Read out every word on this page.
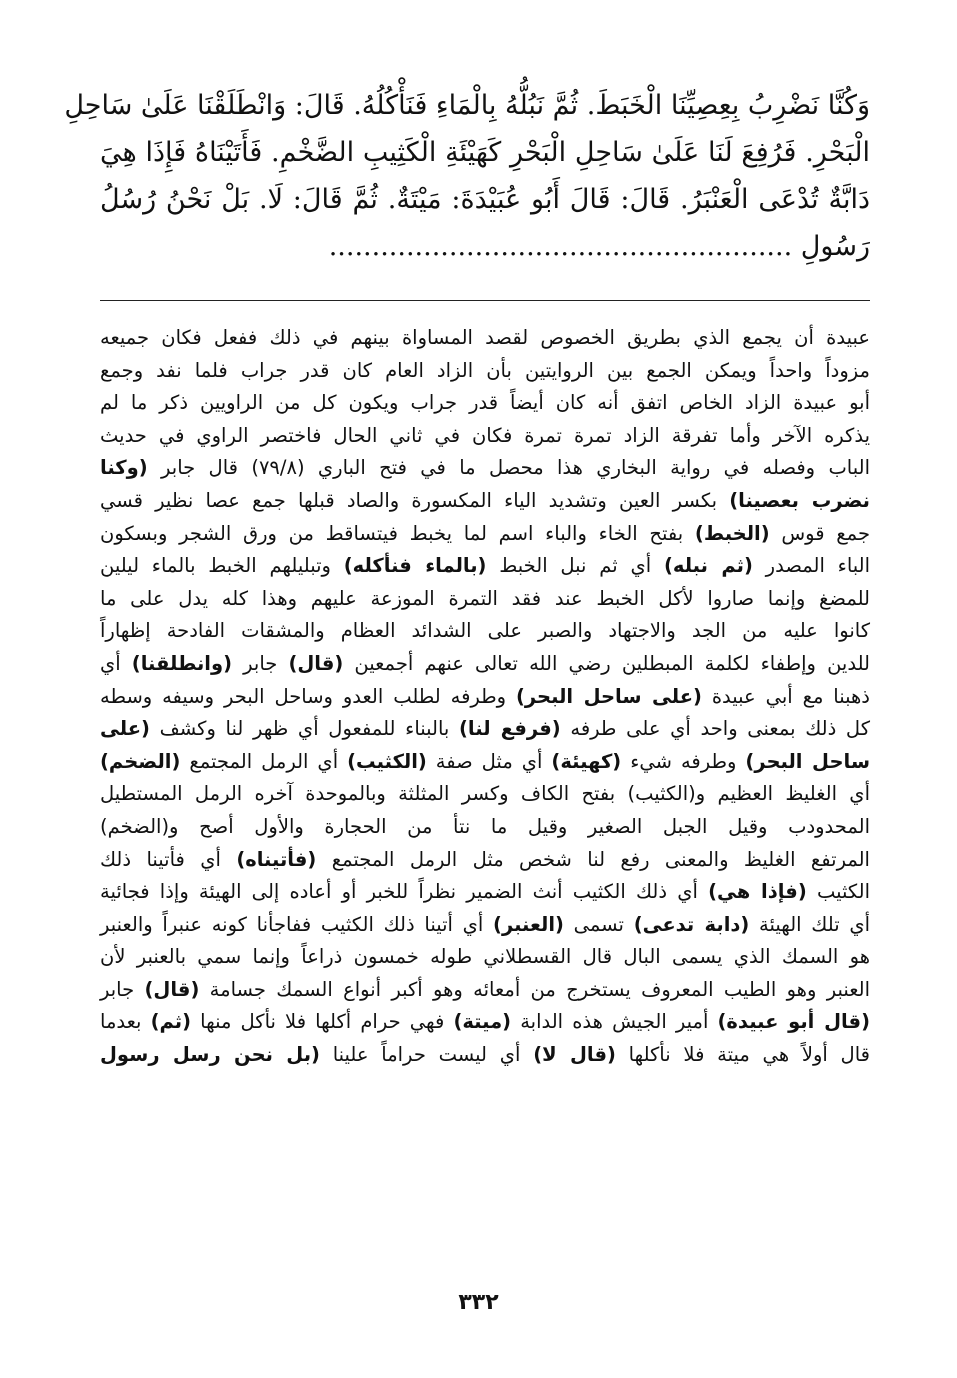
وَكُنَّا نَضْرِبُ بِعِصِيِّنَا الْخَبَطَ. ثُمَّ نَبُلُّهُ بِالْمَاءِ فَنَأْكُلُهُ. قَالَ: وَانْطَلَقْنَا عَلَىٰ سَاحِلِ
الْبَحْرِ. فَرُفِعَ لَنَا عَلَىٰ سَاحِلِ الْبَحْرِ كَهَيْئَةِ الْكَثِيبِ الضَّخْمِ. فَأَتَيْنَاهُ فَإِذَا هِيَ
دَابَّةٌ تُدْعَى الْعَنْبَرُ. قَالَ: قَالَ أَبُو عُبَيْدَةَ: مَيْتَةٌ. ثُمَّ قَالَ: لَا. بَلْ نَحْنُ رُسُلُ
رَسُولِ ......................................................
عبيدة أن يجمع الذي بطريق الخصوص لقصد المساواة بينهم في ذلك ففعل فكان جميعه
مزوداً واحداً ويمكن الجمع بين الروايتين بأن الزاد العام كان قدر جراب فلما نفد وجمع
أبو عبيدة الزاد الخاص اتفق أنه كان أيضاً قدر جراب ويكون كل من الراويين ذكر ما لم
يذكره الآخر وأما تفرقة الزاد تمرة تمرة فكان في ثاني الحال فاختصر الراوي في حديث
الباب وفصله في رواية البخاري هذا محصل ما في فتح الباري (٧٩/٨) قال جابر (وكنا
نضرب بعصينا) بكسر العين وتشديد الياء المكسورة والصاد قبلها جمع عصا نظير قسي
جمع قوس (الخبط) بفتح الخاء والباء اسم لما يخبط فيتساقط من ورق الشجر وبسكون
الباء المصدر (ثم نبله) أي ثم نبل الخبط (بالماء فنأكله) وتبليلهم الخبط بالماء ليلين
للمضغ وإنما صاروا لأكل الخبط عند فقد التمرة الموزعة عليهم وهذا كله يدل على ما
كانوا عليه من الجد والاجتهاد والصبر على الشدائد العظام والمشقات الفادحة إظهاراً
للدين وإطفاء لكلمة المبطلين رضي الله تعالى عنهم أجمعين (قال) جابر (وانطلقنا) أي
ذهبنا مع أبي عبيدة (على ساحل البحر) وطرفه لطلب العدو وساحل البحر وسيفه وسطه
كل ذلك بمعنى واحد أي على طرفه (فرفع لنا) بالبناء للمفعول أي ظهر لنا وكشف (على
ساحل البحر) وطرفه شيء (كهيئة) أي مثل صفة (الكثيب) أي الرمل المجتمع (الضخم)
أي الغليظ العظيم و(الكثيب) بفتح الكاف وكسر المثلثة وبالموحدة آخره الرمل المستطيل
المحدودب وقيل الجبل الصغير وقيل ما نتأ من الحجارة والأول أصح و(الضخم)
المرتفع الغليظ والمعنى رفع لنا شخص مثل الرمل المجتمع (فأتيناه) أي فأتينا ذلك
الكثيب (فإذا هي) أي ذلك الكثيب أنث الضمير نظراً للخبر أو أعاده إلى الهيئة وإذا فجائية
أي تلك الهيئة (دابة تدعى) تسمى (العنبر) أي أتينا ذلك الكثيب ففاجأنا كونه عنبراً والعنبر
هو السمك الذي يسمى البال قال القسطلاني طوله خمسون ذراعاً وإنما سمي بالعنبر لأن
العنبر وهو الطيب المعروف يستخرج من أمعائه وهو أكبر أنواع السمك جسامة (قال) جابر
(قال أبو عبيدة) أمير الجيش هذه الدابة (ميتة) فهي حرام أكلها فلا نأكل منها (ثم) بعدما
قال أولاً هي ميتة فلا نأكلها (قال لا) أي ليست حراماً علينا (بل نحن رسل رسول
٣٣٢
